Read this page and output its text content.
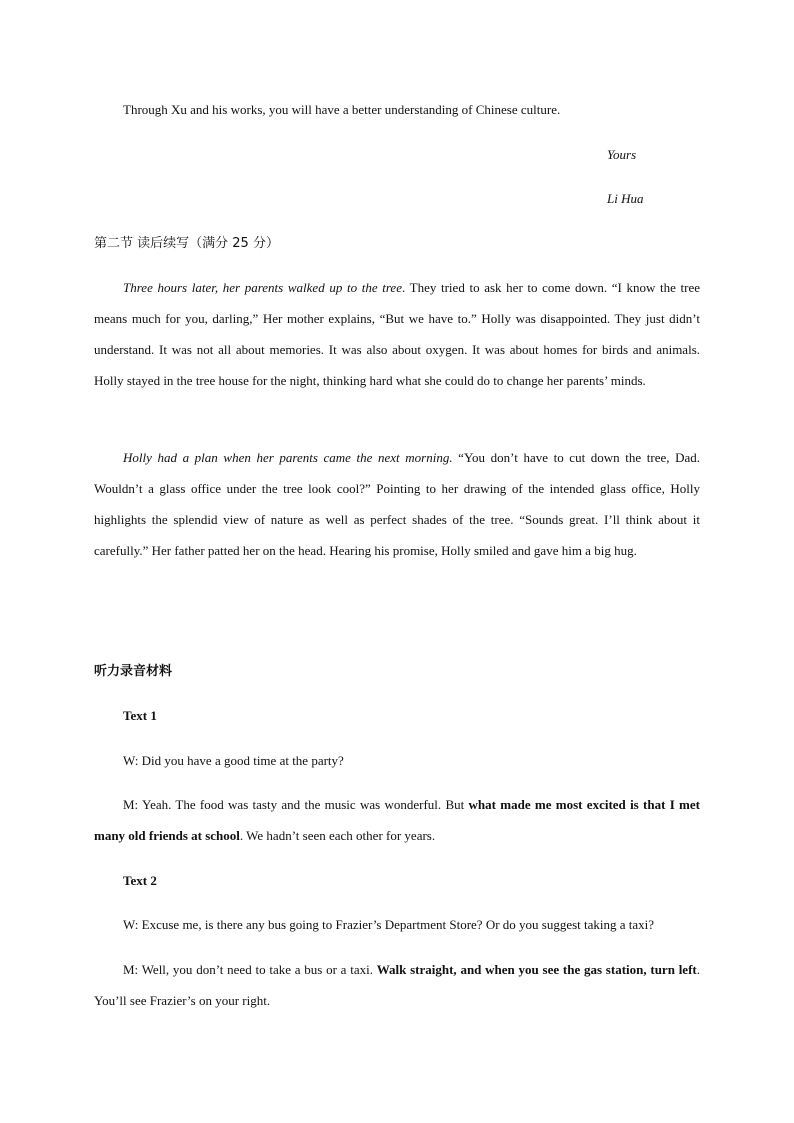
Through Xu and his works, you will have a better understanding of Chinese culture.

Yours

Li Hua

第二节 读后续写（满分 25 分）

Three hours later, her parents walked up to the tree. They tried to ask her to come down. “I know the tree means much for you, darling,” Her mother explains, “But we have to.” Holly was disappointed. They just didn’t understand. It was not all about memories. It was also about oxygen. It was about homes for birds and animals. Holly stayed in the tree house for the night, thinking hard what she could do to change her parents’ minds.

Holly had a plan when her parents came the next morning. “You don’t have to cut down the tree, Dad. Wouldn’t a glass office under the tree look cool?” Pointing to her drawing of the intended glass office, Holly highlights the splendid view of nature as well as perfect shades of the tree. “Sounds great. I’ll think about it carefully.” Her father patted her on the head. Hearing his promise, Holly smiled and gave him a big hug.

听力录音材料

Text 1

W: Did you have a good time at the party?

M: Yeah. The food was tasty and the music was wonderful. But what made me most excited is that I met many old friends at school. We hadn’t seen each other for years.

Text 2

W: Excuse me, is there any bus going to Frazier’s Department Store? Or do you suggest taking a taxi?

M: Well, you don’t need to take a bus or a taxi. Walk straight, and when you see the gas station, turn left. You’ll see Frazier’s on your right.
